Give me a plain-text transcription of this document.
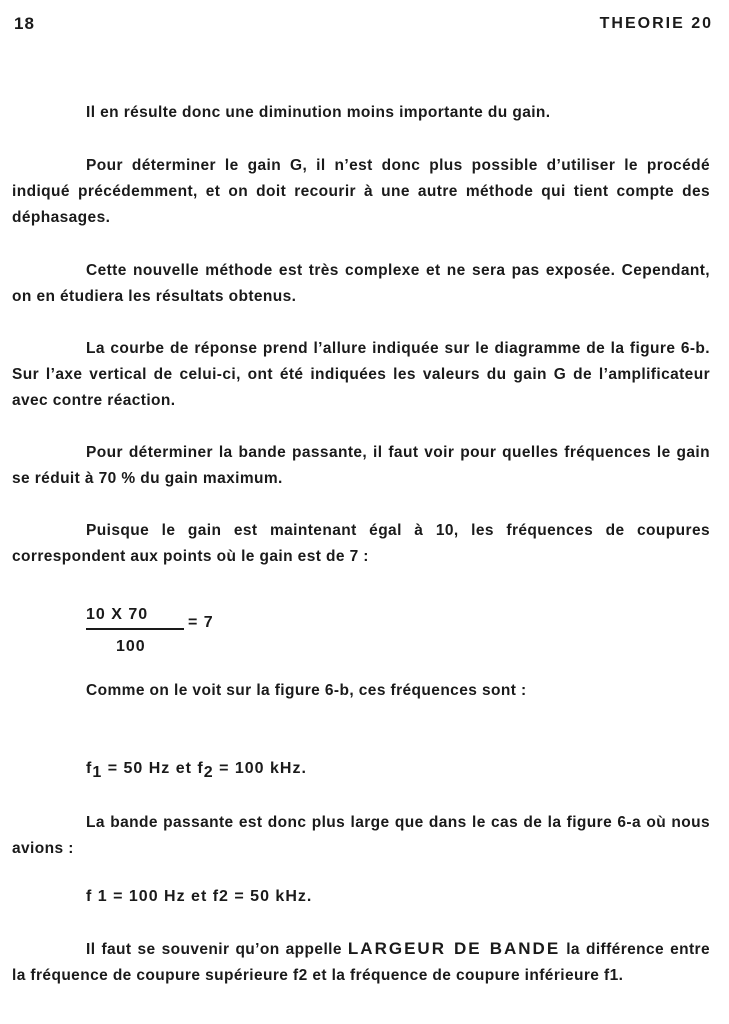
18	THEORIE 20
Il en résulte donc une diminution moins importante du gain.
Pour déterminer le gain G, il n’est donc plus possible d’utiliser le procédé indiqué précédemment, et on doit recourir à une autre méthode qui tient compte des déphasages.
Cette nouvelle méthode est très complexe et ne sera pas exposée. Cependant, on en étudiera les résultats obtenus.
La courbe de réponse prend l’allure indiquée sur le diagramme de la figure 6-b. Sur l’axe vertical de celui-ci, ont été indiquées les valeurs du gain G de l’amplificateur avec contre réaction.
Pour déterminer la bande passante, il faut voir pour quelles fréquences le gain se réduit à 70 % du gain maximum.
Puisque le gain est maintenant égal à 10, les fréquences de coupures correspondent aux points où le gain est de 7 :
10 X 70
100
= 7
Comme on le voit sur la figure 6-b, ces fréquences sont :
$f_1 = 50$ Hz et $f_2 = 100$ kHz.
La bande passante est donc plus large que dans le cas de la figure 6-a où nous avions :
f 1 = 100 Hz et f2 = 50 kHz.
Il faut se souvenir qu’on appelle LARGEUR DE BANDE la différence entre la fréquence de coupure supérieure f2 et la fréquence de coupure inférieure f1.
